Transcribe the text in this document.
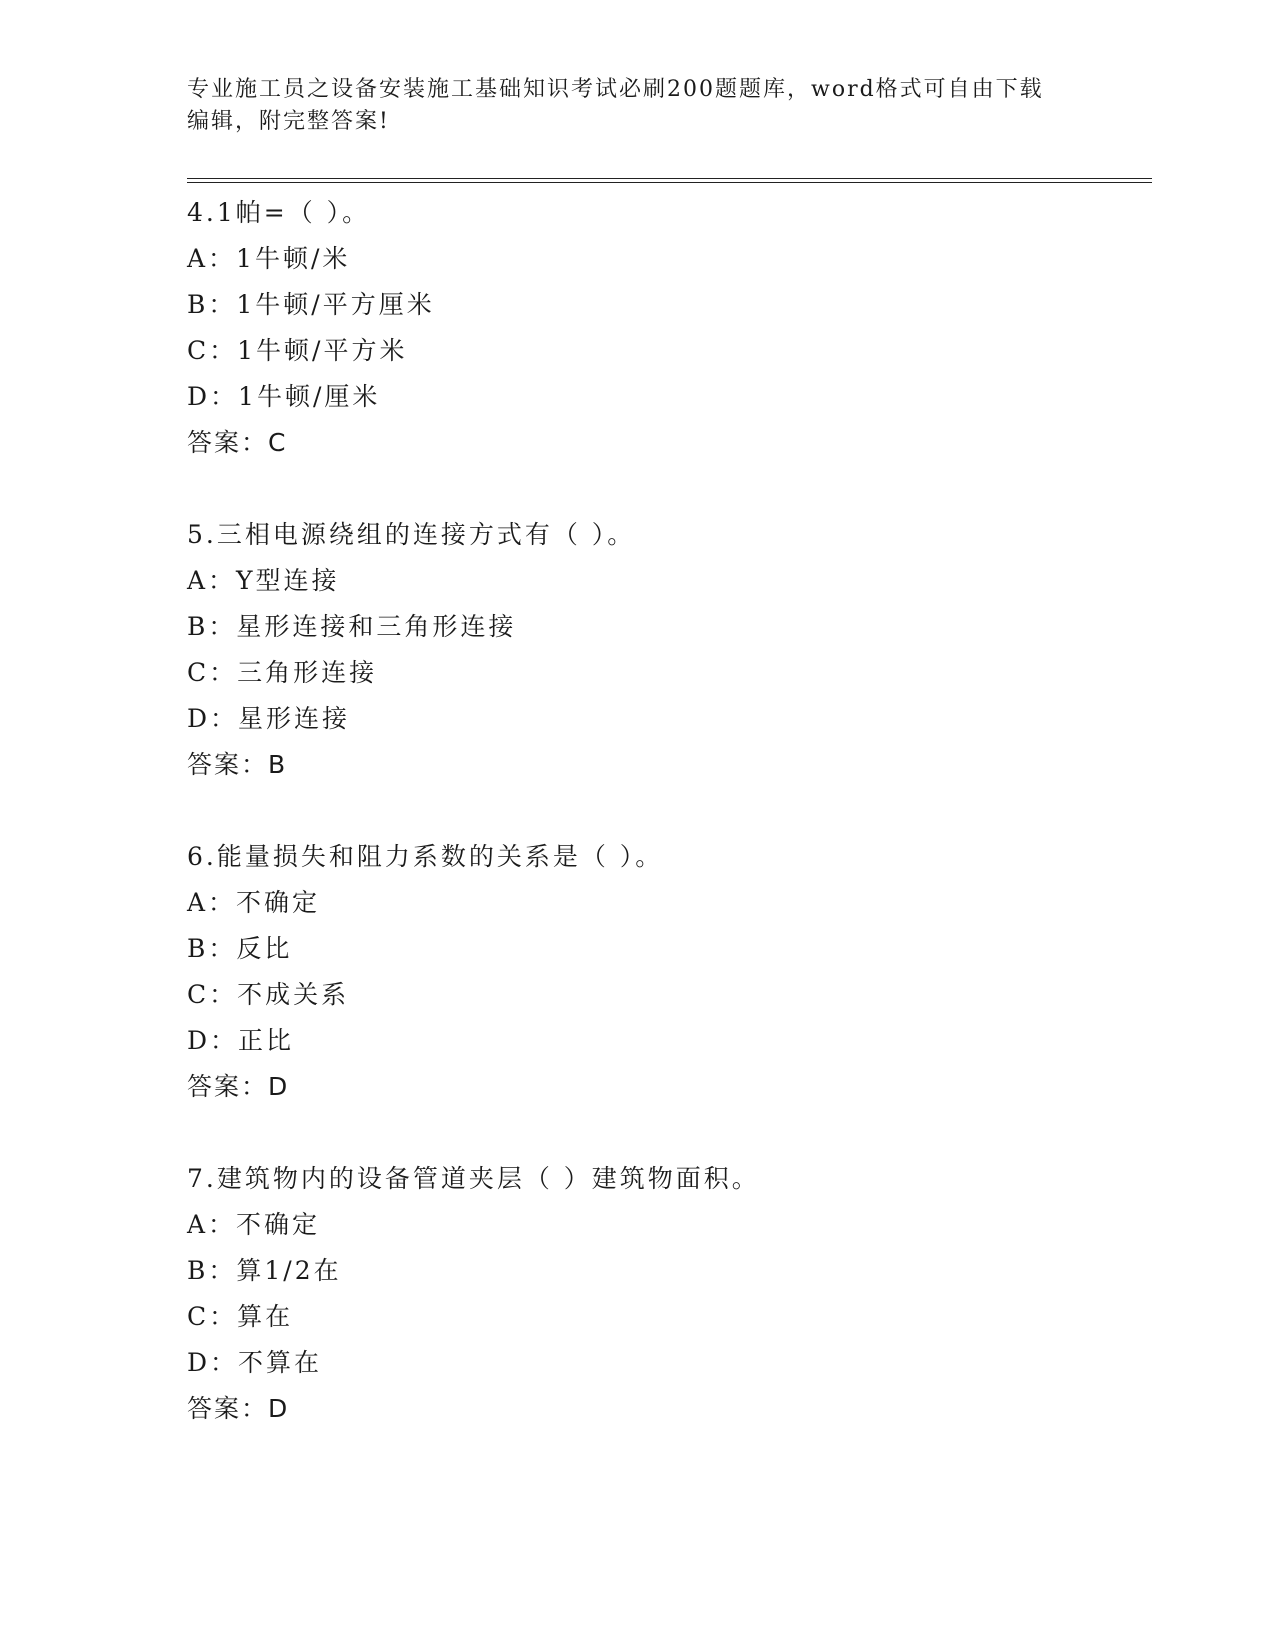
专业施工员之设备安装施工基础知识考试必刷200题题库，word格式可自由下载
编辑，附完整答案!
4.1帕=（ ）。
A：1牛顿/米
B：1牛顿/平方厘米
C：1牛顿/平方米
D：1牛顿/厘米
答案：C
5.三相电源绕组的连接方式有（ ）。
A：Y型连接
B：星形连接和三角形连接
C：三角形连接
D：星形连接
答案：B
6.能量损失和阻力系数的关系是（ ）。
A：不确定
B：反比
C：不成关系
D：正比
答案：D
7.建筑物内的设备管道夹层（ ）建筑物面积。
A：不确定
B：算1/2在
C：算在
D：不算在
答案：D
